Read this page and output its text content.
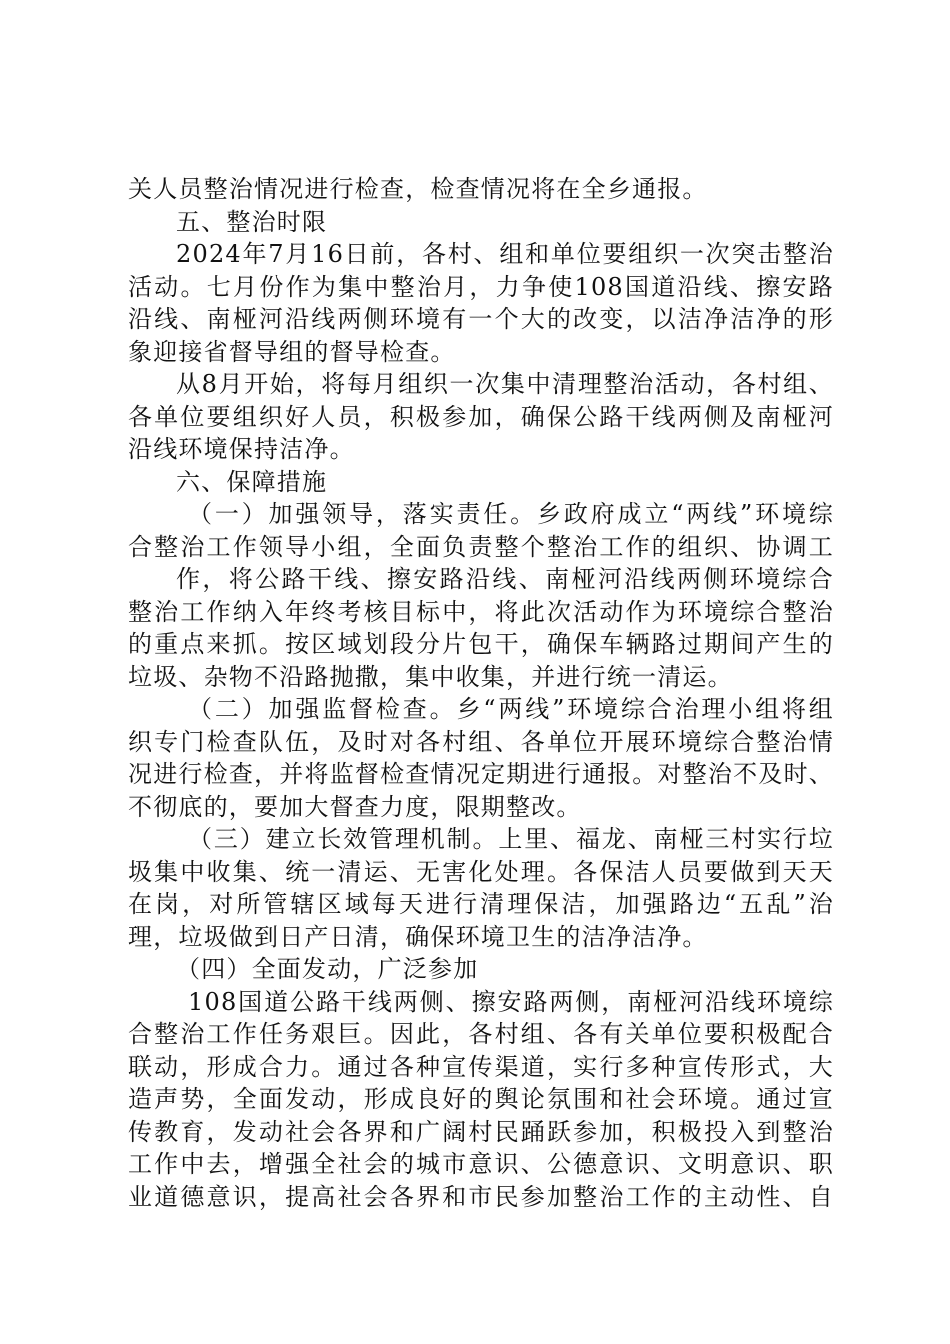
关人员整治情况进行检查，检查情况将在全乡通报。
五、整治时限
2024年7月16日前，各村、组和单位要组织一次突击整治
活动。七月份作为集中整治月，力争使108国道沿线、擦安路
沿线、南桠河沿线两侧环境有一个大的改变，以洁净洁净的形
象迎接省督导组的督导检查。
从8月开始，将每月组织一次集中清理整治活动，各村组、
各单位要组织好人员，积极参加，确保公路干线两侧及南桠河
沿线环境保持洁净。
六、保障措施
（一）加强领导，落实责任。乡政府成立“两线”环境综
合整治工作领导小组，全面负责整个整治工作的组织、协调工
作，将公路干线、擦安路沿线、南桠河沿线两侧环境综合
整治工作纳入年终考核目标中，将此次活动作为环境综合整治
的重点来抓。按区域划段分片包干，确保车辆路过期间产生的
垃圾、杂物不沿路抛撒，集中收集，并进行统一清运。
（二）加强监督检查。乡“两线”环境综合治理小组将组
织专门检查队伍，及时对各村组、各单位开展环境综合整治情
况进行检查，并将监督检查情况定期进行通报。对整治不及时、
不彻底的，要加大督查力度，限期整改。
（三）建立长效管理机制。上里、福龙、南桠三村实行垃
圾集中收集、统一清运、无害化处理。各保洁人员要做到天天
在岗，对所管辖区域每天进行清理保洁，加强路边“五乱”治
理，垃圾做到日产日清，确保环境卫生的洁净洁净。
（四）全面发动，广泛参加
108国道公路干线两侧、擦安路两侧，南桠河沿线环境综
合整治工作任务艰巨。因此，各村组、各有关单位要积极配合
联动，形成合力。通过各种宣传渠道，实行多种宣传形式，大
造声势，全面发动，形成良好的舆论氛围和社会环境。通过宣
传教育，发动社会各界和广阔村民踊跃参加，积极投入到整治
工作中去，增强全社会的城市意识、公德意识、文明意识、职
业道德意识，提高社会各界和市民参加整治工作的主动性、自
